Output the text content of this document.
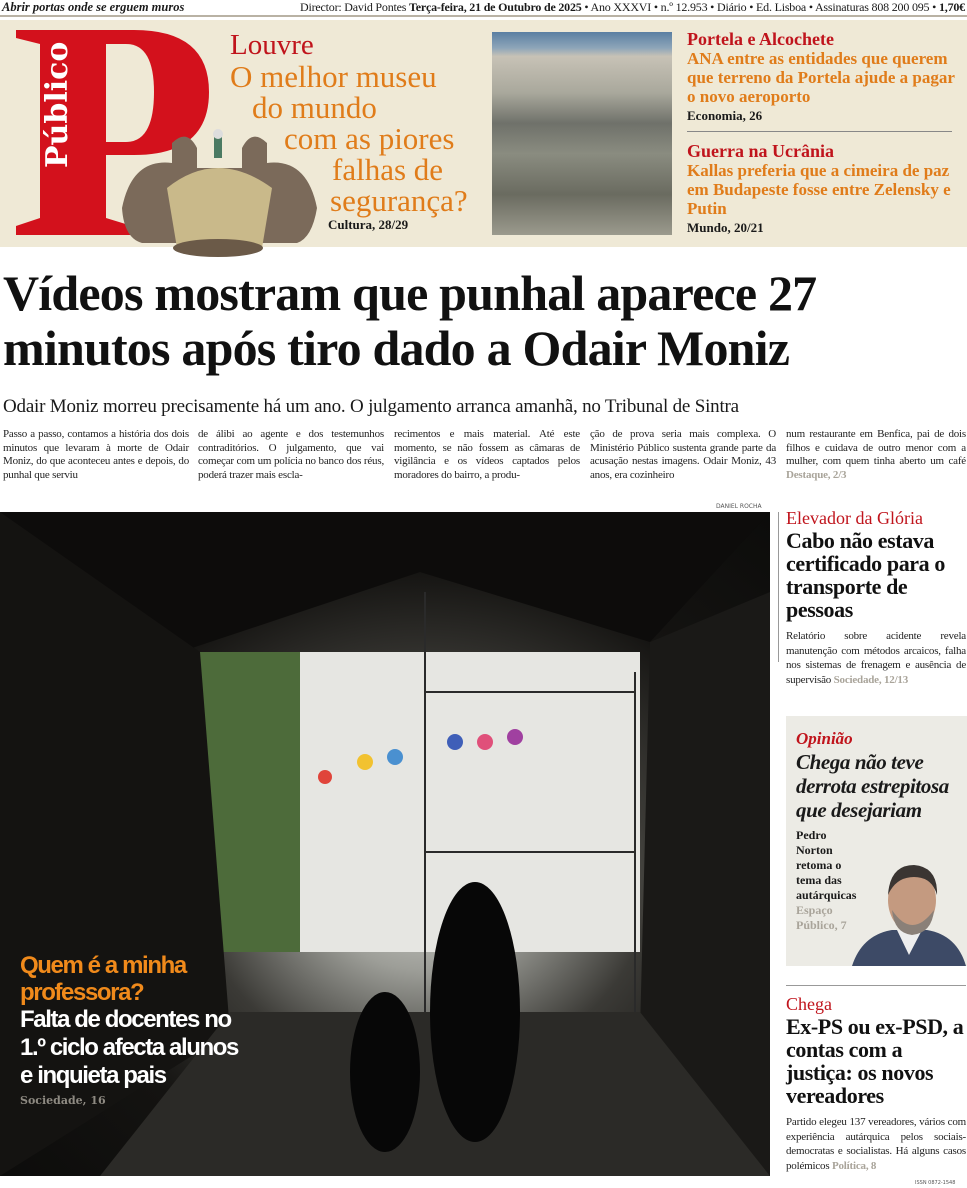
Abrir portas onde se erguem muros	Director: David Pontes Terça-feira, 21 de Outubro de 2025 • Ano XXXVI • n.º 12.953 • Diário • Ed. Lisboa • Assinaturas 808 200 095 • 1,70€
Público	Louvre
O melhor museu
do mundo
com as piores
falhas de
segurança?
Cultura, 28/29
Portela e Alcochete
ANA entre as entidades que querem que terreno da Portela ajude a pagar o novo aeroporto
Economia, 26
Guerra na Ucrânia
Kallas preferia que a cimeira de paz em Budapeste fosse entre Zelensky e Putin
Mundo, 20/21
Vídeos mostram que punhal aparece 27 minutos após tiro dado a Odair Moniz
Odair Moniz morreu precisamente há um ano. O julgamento arranca amanhã, no Tribunal de Sintra
Passo a passo, contamos a história dos dois minutos que levaram à morte de Odair Moniz, do que aconteceu antes e depois, do punhal que serviu
de álibi ao agente e dos testemunhos contraditórios. O julgamento, que vai começar com um polícia no banco dos réus, poderá trazer mais escla-
recimentos e mais material. Até este momento, se não fossem as câmaras de vigilância e os vídeos captados pelos moradores do bairro, a produ-
ção de prova seria mais complexa. O Ministério Público sustenta grande parte da acusação nestas imagens. Odair Moniz, 43 anos, era cozinheiro
num restaurante em Benfica, pai de dois filhos e cuidava de outro menor com a mulher, com quem tinha aberto um café Destaque, 2/3
DANIEL ROCHA
Quem é a minha professora?
Falta de docentes no 1.º ciclo afecta alunos e inquieta pais
Sociedade, 16
Elevador da Glória
Cabo não estava certificado para o transporte de pessoas
Relatório sobre acidente revela manutenção com métodos arcaicos, falha nos sistemas de frenagem e ausência de supervisão Sociedade, 12/13
Opinião
Chega não teve derrota estrepitosa que desejariam
Pedro Norton retoma o tema das autárquicas Espaço Público, 7
Chega
Ex-PS ou ex-PSD, a contas com a justiça: os novos vereadores
Partido elegeu 137 vereadores, vários com experiência autárquica pelos sociais-democratas e socialistas. Há alguns casos polémicos Política, 8
ISSN 0872-1548
